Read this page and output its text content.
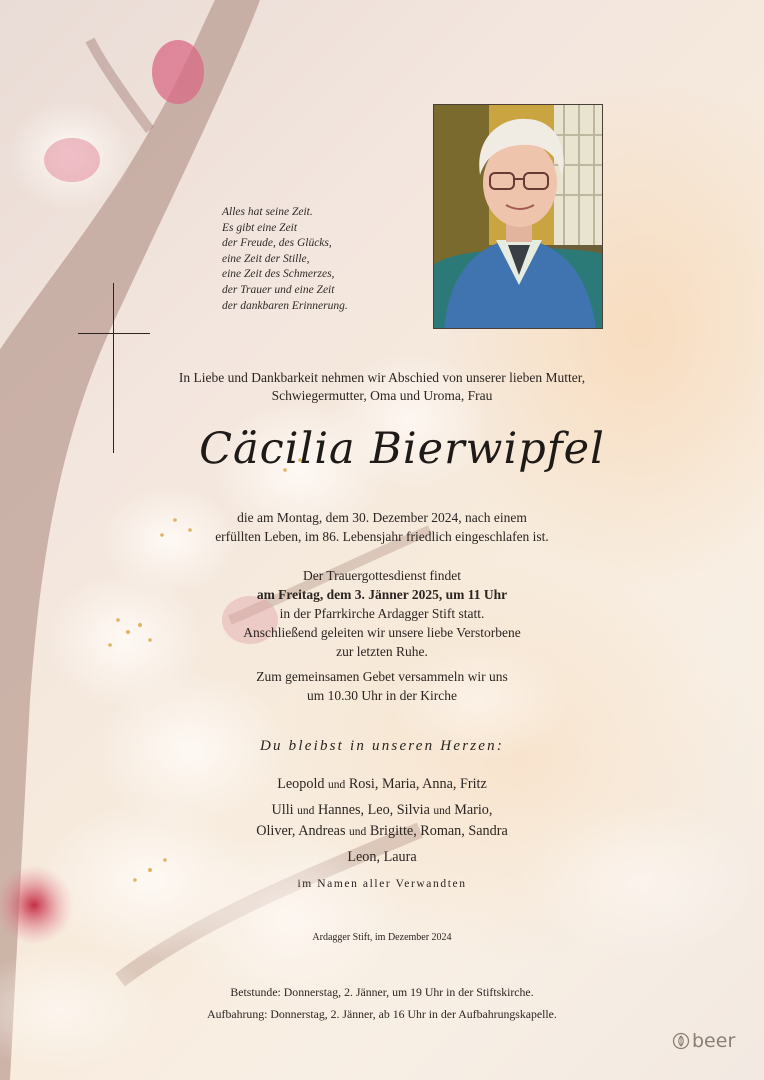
Alles hat seine Zeit.
Es gibt eine Zeit
der Freude, des Glücks,
eine Zeit der Stille,
eine Zeit des Schmerzes,
der Trauer und eine Zeit
der dankbaren Erinnerung.
In Liebe und Dankbarkeit nehmen wir Abschied von unserer lieben Mutter,
Schwiegermutter, Oma und Uroma, Frau
Cäcilia Bierwipfel
die am Montag, dem 30. Dezember 2024, nach einem
erfüllten Leben, im 86. Lebensjahr friedlich eingeschlafen ist.
Der Trauergottesdienst findet
am Freitag, dem 3. Jänner 2025, um 11 Uhr
in der Pfarrkirche Ardagger Stift statt.
Anschließend geleiten wir unsere liebe Verstorbene
zur letzten Ruhe.
Zum gemeinsamen Gebet versammeln wir uns
um 10.30 Uhr in der Kirche
Du bleibst in unseren Herzen:
Leopold und Rosi, Maria, Anna, Fritz
Ulli und Hannes, Leo, Silvia und Mario,
Oliver, Andreas und Brigitte, Roman, Sandra
Leon, Laura
im Namen aller Verwandten
Ardagger Stift, im Dezember 2024
Betstunde: Donnerstag, 2. Jänner, um 19 Uhr in der Stiftskirche.
Aufbahrung: Donnerstag, 2. Jänner, ab 16 Uhr in der Aufbahrungskapelle.
beer
